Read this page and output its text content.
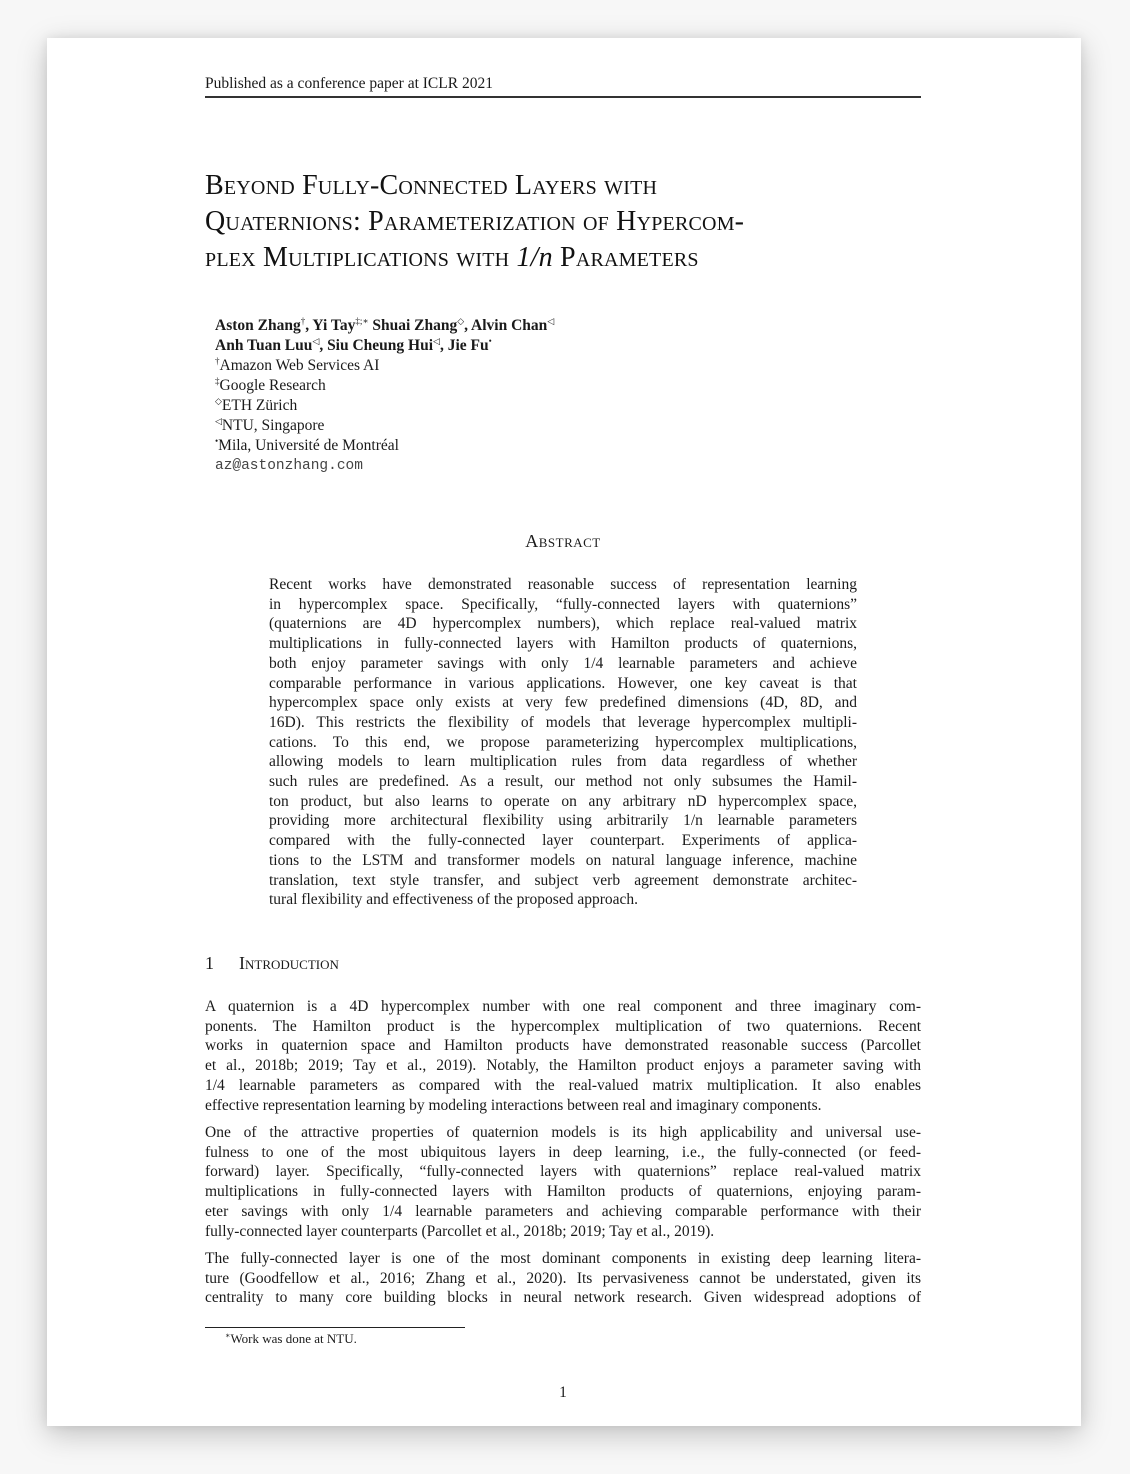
Published as a conference paper at ICLR 2021
Beyond Fully-Connected Layers with
Quaternions: Parameterization of Hypercom-
plex Multiplications with 1/n Parameters
Aston Zhang†, Yi Tay‡;∗ Shuai Zhang◇, Alvin Chan◁
Anh Tuan Luu◁, Siu Cheung Hui◁, Jie Fu•
†Amazon Web Services AI
‡Google Research
◇ETH Zürich
◁NTU, Singapore
•Mila, Université de Montréal
az@astonzhang.com
Abstract
Recent works have demonstrated reasonable success of representation learning
in hypercomplex space. Specifically, “fully-connected layers with quaternions”
(quaternions are 4D hypercomplex numbers), which replace real-valued matrix
multiplications in fully-connected layers with Hamilton products of quaternions,
both enjoy parameter savings with only 1/4 learnable parameters and achieve
comparable performance in various applications. However, one key caveat is that
hypercomplex space only exists at very few predefined dimensions (4D, 8D, and
16D). This restricts the flexibility of models that leverage hypercomplex multipli-
cations. To this end, we propose parameterizing hypercomplex multiplications,
allowing models to learn multiplication rules from data regardless of whether
such rules are predefined. As a result, our method not only subsumes the Hamil-
ton product, but also learns to operate on any arbitrary nD hypercomplex space,
providing more architectural flexibility using arbitrarily 1/n learnable parameters
compared with the fully-connected layer counterpart. Experiments of applica-
tions to the LSTM and transformer models on natural language inference, machine
translation, text style transfer, and subject verb agreement demonstrate architec-
tural flexibility and effectiveness of the proposed approach.
1 Introduction
A quaternion is a 4D hypercomplex number with one real component and three imaginary com-
ponents. The Hamilton product is the hypercomplex multiplication of two quaternions. Recent
works in quaternion space and Hamilton products have demonstrated reasonable success (Parcollet
et al., 2018b; 2019; Tay et al., 2019). Notably, the Hamilton product enjoys a parameter saving with
1/4 learnable parameters as compared with the real-valued matrix multiplication. It also enables
effective representation learning by modeling interactions between real and imaginary components.
One of the attractive properties of quaternion models is its high applicability and universal use-
fulness to one of the most ubiquitous layers in deep learning, i.e., the fully-connected (or feed-
forward) layer. Specifically, “fully-connected layers with quaternions” replace real-valued matrix
multiplications in fully-connected layers with Hamilton products of quaternions, enjoying param-
eter savings with only 1/4 learnable parameters and achieving comparable performance with their
fully-connected layer counterparts (Parcollet et al., 2018b; 2019; Tay et al., 2019).
The fully-connected layer is one of the most dominant components in existing deep learning litera-
ture (Goodfellow et al., 2016; Zhang et al., 2020). Its pervasiveness cannot be understated, given its
centrality to many core building blocks in neural network research. Given widespread adoptions of
∗Work was done at NTU.
1
